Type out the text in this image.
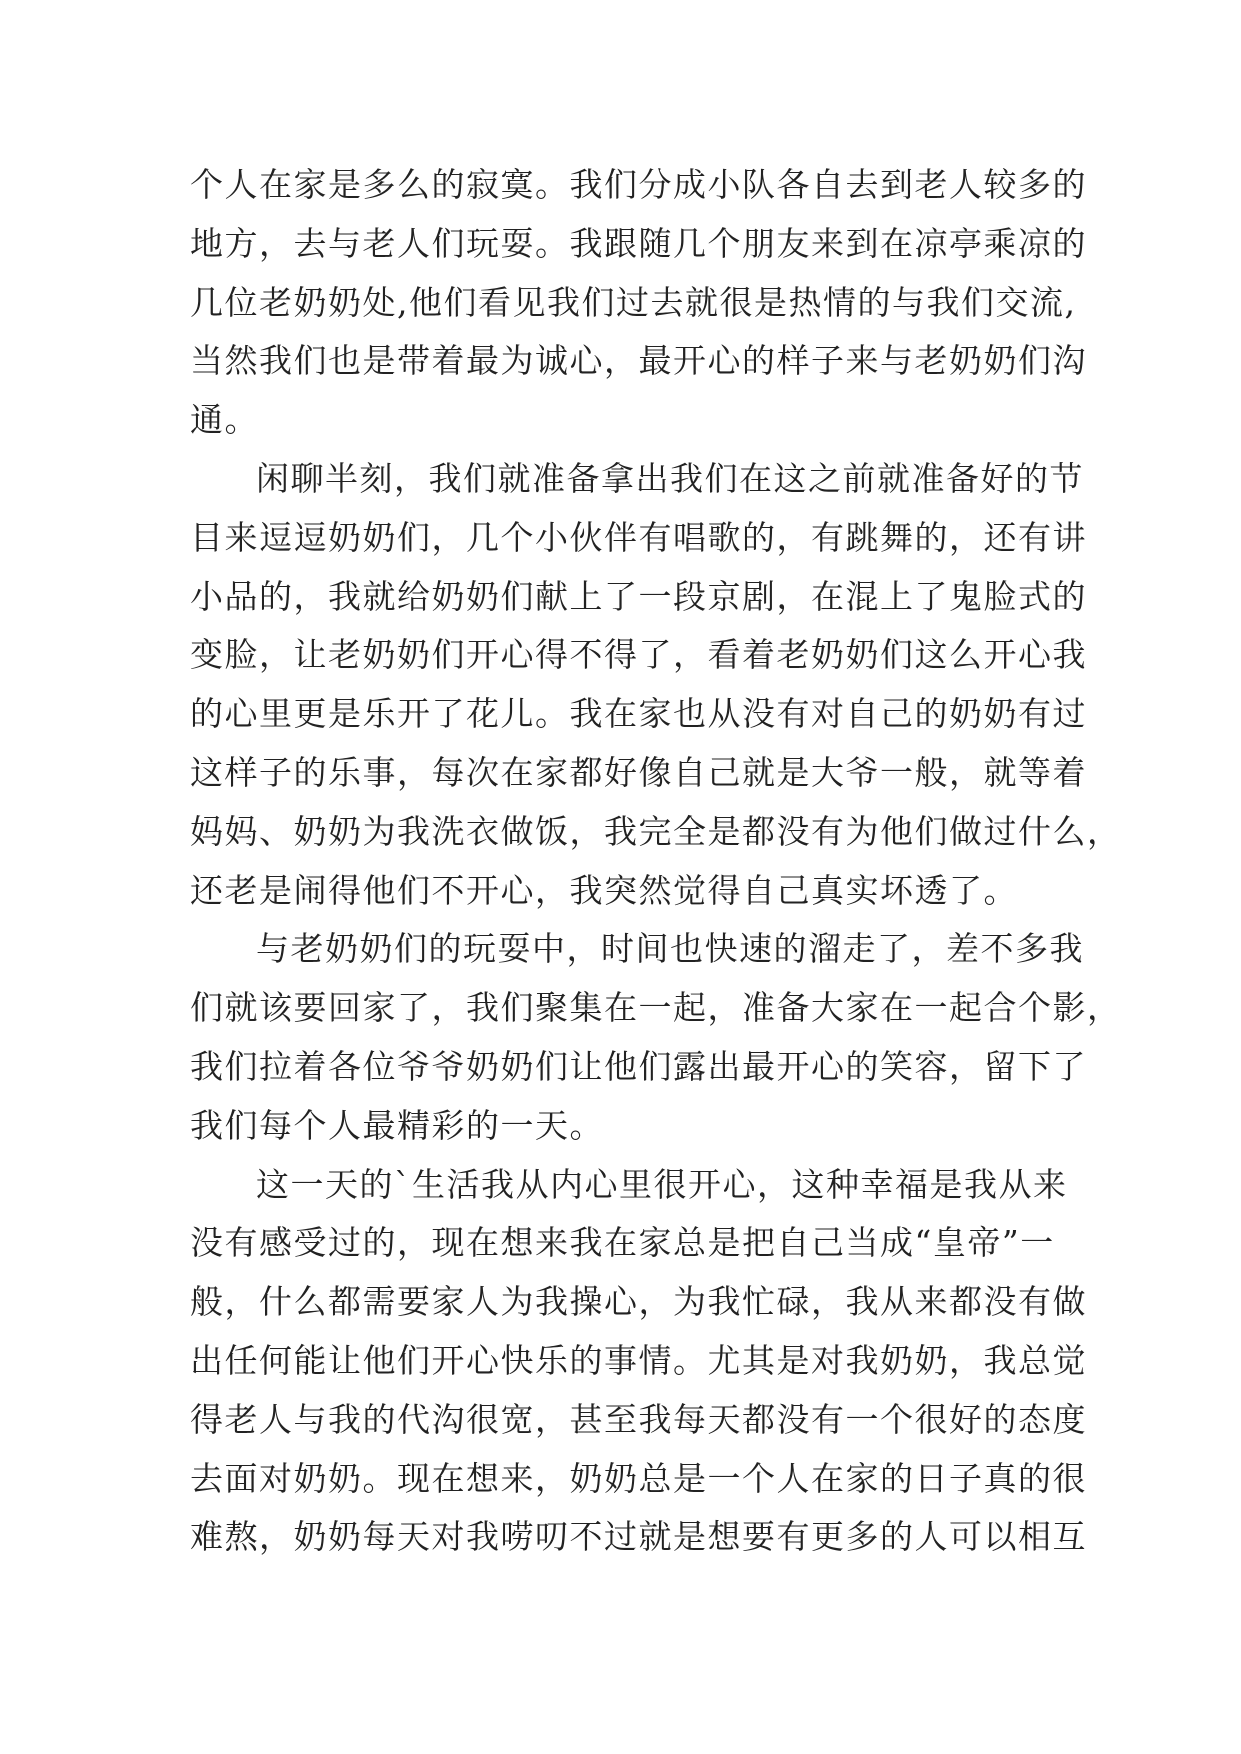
个人在家是多么的寂寞。我们分成小队各自去到老人较多的
地方，去与老人们玩耍。我跟随几个朋友来到在凉亭乘凉的
几位老奶奶处,他们看见我们过去就很是热情的与我们交流,
当然我们也是带着最为诚心，最开心的样子来与老奶奶们沟
通。
闲聊半刻，我们就准备拿出我们在这之前就准备好的节
目来逗逗奶奶们，几个小伙伴有唱歌的，有跳舞的，还有讲
小品的，我就给奶奶们献上了一段京剧，在混上了鬼脸式的
变脸，让老奶奶们开心得不得了，看着老奶奶们这么开心我
的心里更是乐开了花儿。我在家也从没有对自己的奶奶有过
这样子的乐事，每次在家都好像自己就是大爷一般，就等着
妈妈、奶奶为我洗衣做饭，我完全是都没有为他们做过什么，
还老是闹得他们不开心，我突然觉得自己真实坏透了。
与老奶奶们的玩耍中，时间也快速的溜走了，差不多我
们就该要回家了，我们聚集在一起，准备大家在一起合个影，
我们拉着各位爷爷奶奶们让他们露出最开心的笑容，留下了
我们每个人最精彩的一天。
这一天的`生活我从内心里很开心，这种幸福是我从来
没有感受过的，现在想来我在家总是把自己当成“皇帝”一
般，什么都需要家人为我操心，为我忙碌，我从来都没有做
出任何能让他们开心快乐的事情。尤其是对我奶奶，我总觉
得老人与我的代沟很宽，甚至我每天都没有一个很好的态度
去面对奶奶。现在想来，奶奶总是一个人在家的日子真的很
难熬，奶奶每天对我唠叨不过就是想要有更多的人可以相互
